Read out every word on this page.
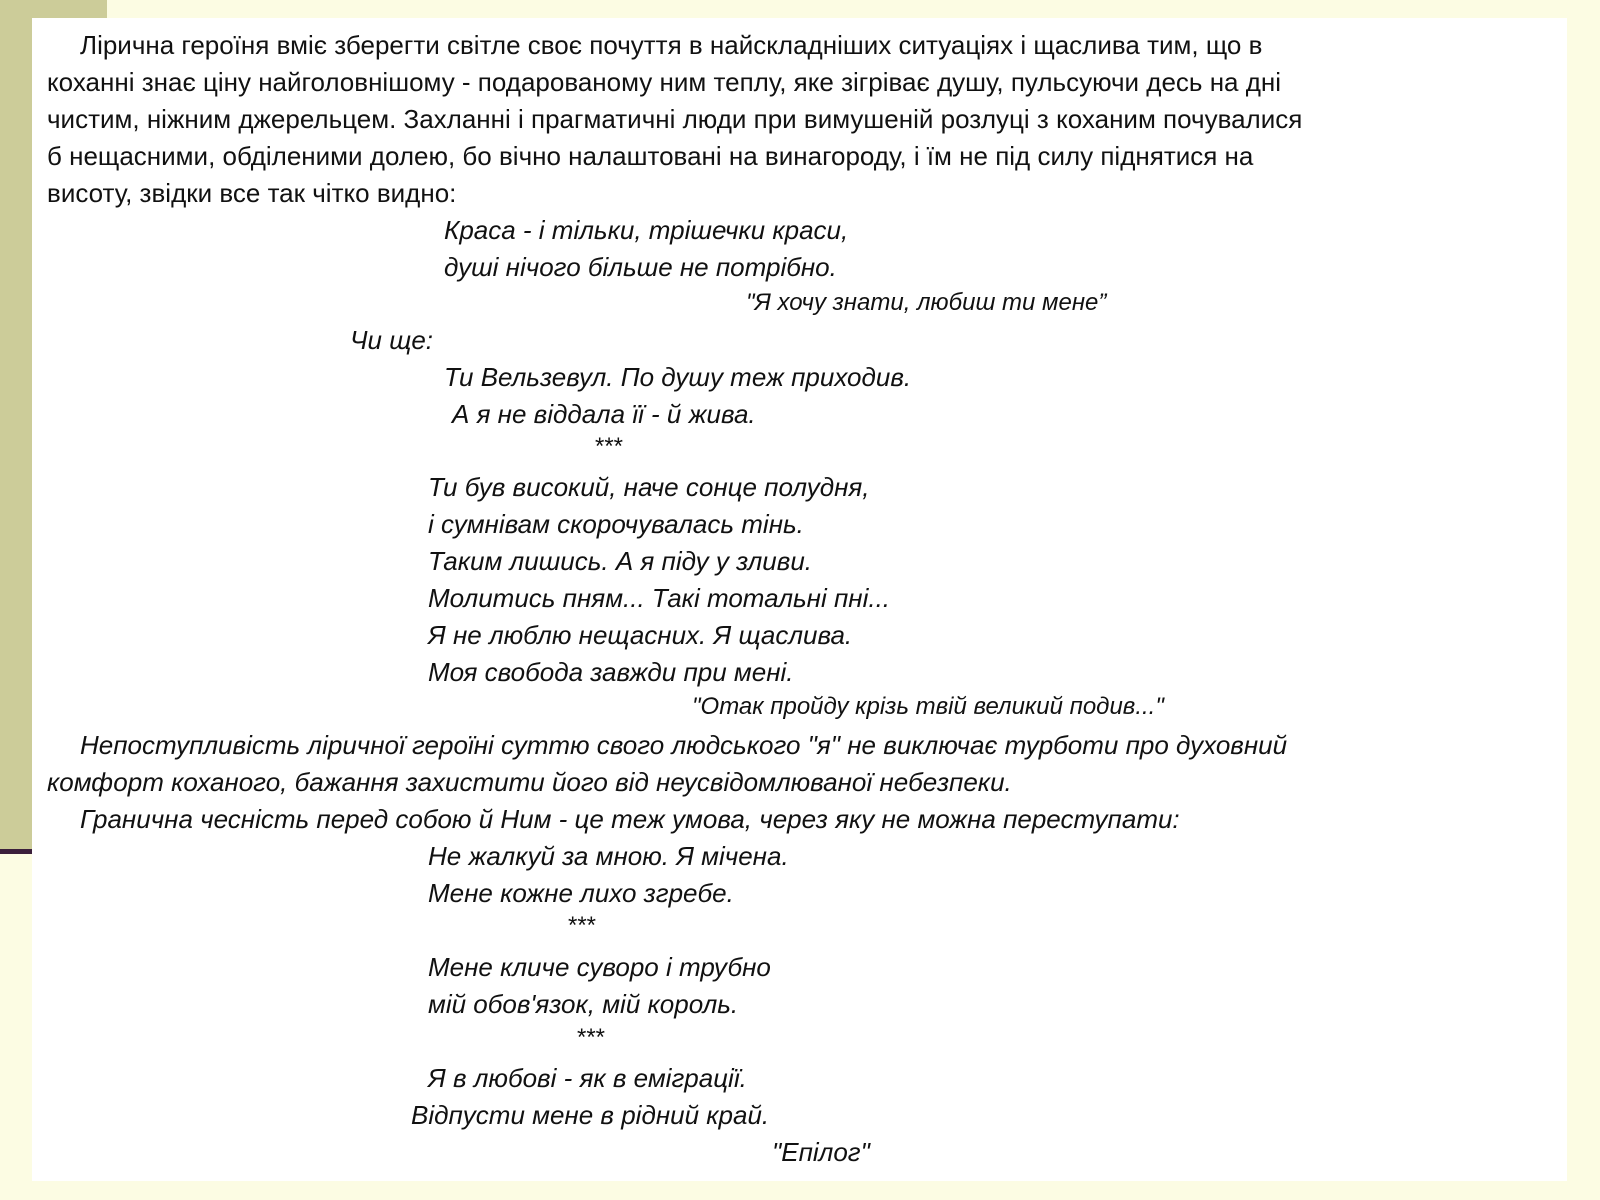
Лірична героїня вміє зберегти світле своє почуття в найскладніших ситуаціях і щаслива тим, що в
коханні знає ціну найголовнішому - подарованому ним теплу, яке зігріває душу, пульсуючи десь на дні
чистим, ніжним джерельцем. Захланні і прагматичні люди при вимушеній розлуці з коханим почувалися
б нещасними, обділеними долею, бо вічно налаштовані на винагороду, і їм не під силу піднятися на
висоту, звідки все так чітко видно:
Краса - і тільки, трішечки краси,
душі нічого більше не потрібно.
"Я хочу знати, любиш ти мене”
Чи ще:
Ти Вельзевул. По душу теж приходив.
А я не віддала її - й жива.
***
Ти був високий, наче сонце полудня,
і сумнівам скорочувалась тінь.
Таким лишись. А я піду у зливи.
Молитись пням... Такі тотальні пні...
Я не люблю нещасних. Я щаслива.
Моя свобода завжди при мені.
"Отак пройду крізь твій великий подив..."
Непоступливість ліричної героїні суттю свого людського "я" не виключає турботи про духовний
комфорт коханого, бажання захистити його від неусвідомлюваної небезпеки.
Гранична чесність перед собою й Ним - це теж умова, через яку не можна переступати:
Не жалкуй за мною. Я мічена.
Мене кожне лихо згребе.
***
Мене кличе суворо і трубно
мій обов'язок, мій король.
***
Я в любові - як в еміграції.
Відпусти мене в рідний край.
"Епілог"
